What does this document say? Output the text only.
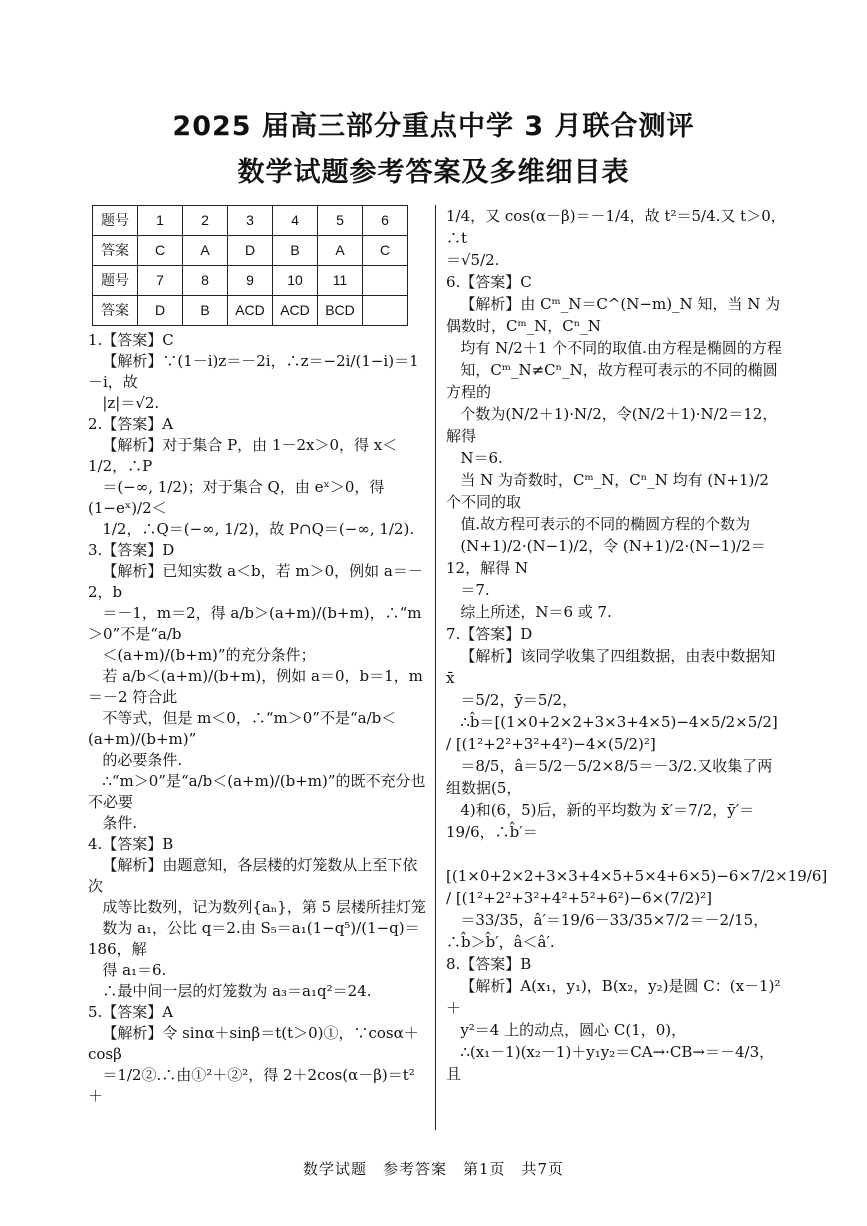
2025 届高三部分重点中学 3 月联合测评
数学试题参考答案及多维细目表
题号	1	2	3	4	5	6
答案	C	A	D	B	A	C
题号	7	8	9	10	11	
答案	D	B	ACD	ACD	BCD	
1.【答案】C
【解析】∵(1－i)z＝－2i，∴z＝−2i/(1−i)＝1－i，故
|z|＝√2.
2.【答案】A
【解析】对于集合 P，由 1－2x＞0，得 x＜1/2，∴P
＝(−∞, 1/2)；对于集合 Q，由 eˣ＞0，得 (1−eˣ)/2＜
1/2，∴Q＝(−∞, 1/2)，故 P∩Q＝(−∞, 1/2).
3.【答案】D
【解析】已知实数 a＜b，若 m＞0，例如 a＝－2，b
＝－1，m＝2，得 a/b＞(a+m)/(b+m)，∴“m＞0”不是“a/b
＜(a+m)/(b+m)”的充分条件；
若 a/b＜(a+m)/(b+m)，例如 a＝0，b＝1，m＝－2 符合此
不等式，但是 m＜0，∴“m＞0”不是“a/b＜(a+m)/(b+m)”
的必要条件.
∴“m＞0”是“a/b＜(a+m)/(b+m)”的既不充分也不必要
条件.
4.【答案】B
【解析】由题意知，各层楼的灯笼数从上至下依次
成等比数列，记为数列{aₙ}，第 5 层楼所挂灯笼
数为 a₁，公比 q＝2.由 S₅＝a₁(1−q⁵)/(1−q)＝186，解
得 a₁＝6.
∴最中间一层的灯笼数为 a₃＝a₁q²＝24.
5.【答案】A
【解析】令 sinα＋sinβ＝t(t＞0)①，∵cosα＋cosβ
＝1/2②.∴由①²＋②²，得 2＋2cos(α－β)＝t²＋
1/4，又 cos(α－β)＝－1/4，故 t²＝5/4.又 t＞0，∴t
＝√5/2.
6.【答案】C
【解析】由 Cᵐ_N＝C^(N−m)_N 知，当 N 为偶数时，Cᵐ_N，Cⁿ_N
均有 N/2＋1 个不同的取值.由方程是椭圆的方程
知，Cᵐ_N≠Cⁿ_N，故方程可表示的不同的椭圆方程的
个数为(N/2＋1)·N/2，令(N/2＋1)·N/2＝12，解得
N＝6.
当 N 为奇数时，Cᵐ_N，Cⁿ_N 均有 (N+1)/2 个不同的取
值.故方程可表示的不同的椭圆方程的个数为
(N+1)/2·(N−1)/2，令 (N+1)/2·(N−1)/2＝12，解得 N
＝7.
综上所述，N＝6 或 7.
7.【答案】D
【解析】该同学收集了四组数据，由表中数据知 x̄
＝5/2，ȳ＝5/2，
∴b̂＝[(1×0+2×2+3×3+4×5)−4×5/2×5/2] / [(1²+2²+3²+4²)−4×(5/2)²]
＝8/5，â＝5/2－5/2×8/5＝－3/2.又收集了两组数据(5，
4)和(6，5)后，新的平均数为 x̄′＝7/2，ȳ′＝19/6，∴b̂′＝
[(1×0+2×2+3×3+4×5+5×4+6×5)−6×7/2×19/6] / [(1²+2²+3²+4²+5²+6²)−6×(7/2)²]
＝33/35，â′＝19/6－33/35×7/2＝－2/15，∴b̂＞b̂′，â＜â′.
8.【答案】B
【解析】A(x₁，y₁)，B(x₂，y₂)是圆 C：(x－1)²＋
y²＝4 上的动点，圆心 C(1，0)，
∴(x₁－1)(x₂－1)＋y₁y₂＝CA→·CB→＝－4/3，且
数学试题　参考答案　第1页　共7页
